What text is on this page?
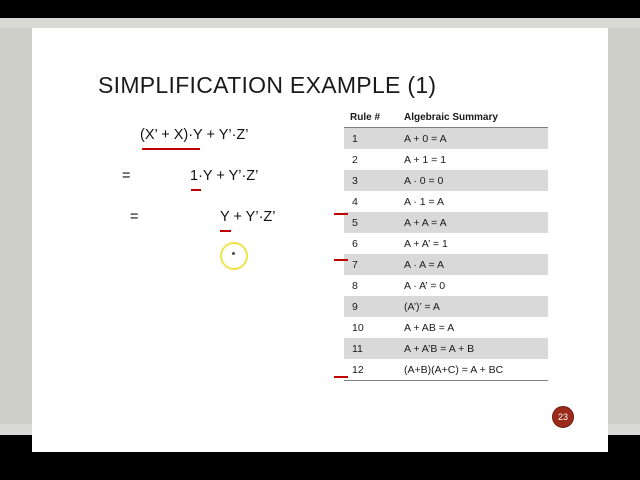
SIMPLIFICATION EXAMPLE (1)
(X’ + X)·Y + Y’·Z’
=	1·Y + Y’·Z’
=	Y + Y’·Z’
Rule #	Algebraic Summary
1	A + 0 = A
2	A + 1 = 1
3	A · 0 = 0
4	A · 1 = A
5	A + A = A
6	A + A’ = 1
7	A · A = A
8	A · A’ = 0
9	(A’)’ = A
10	A + AB = A
11	A + A’B = A + B
12	(A+B)(A+C) = A + BC
23
